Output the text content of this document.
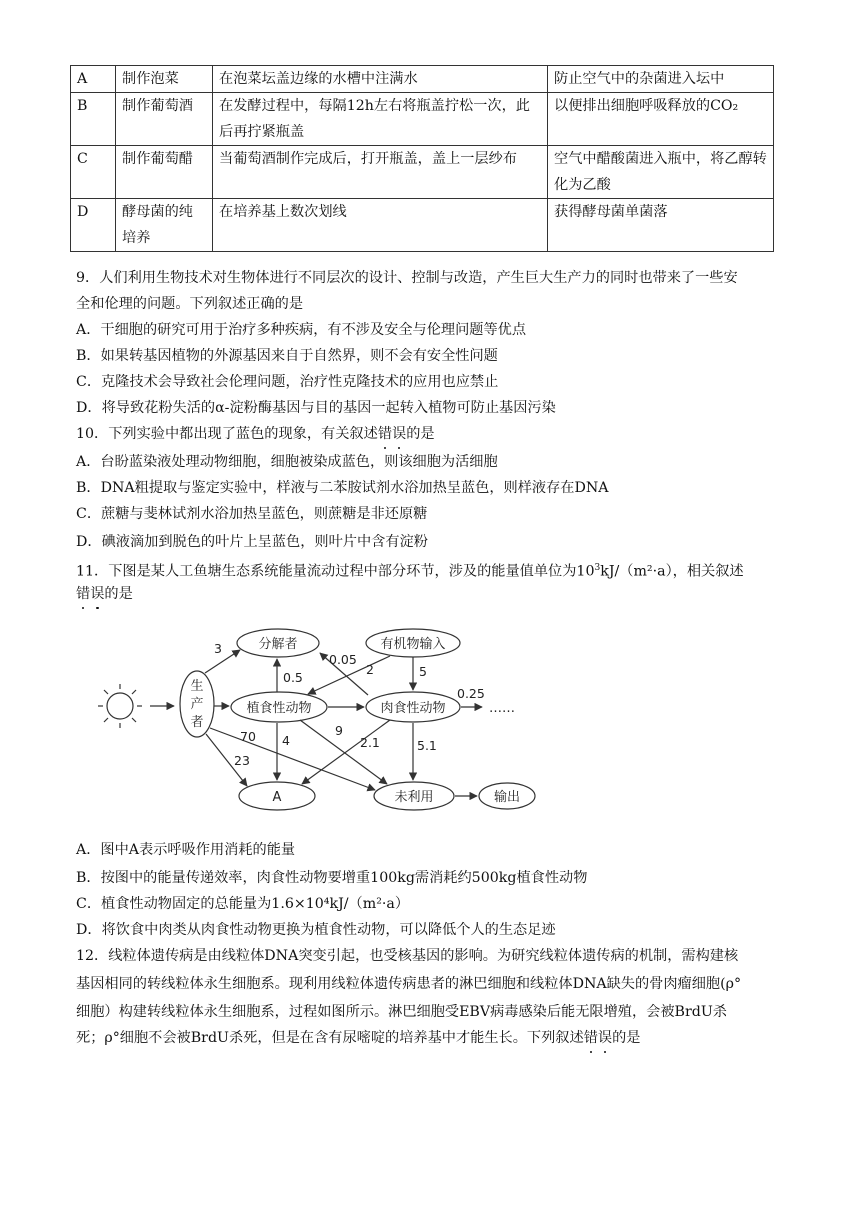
A	制作泡菜	在泡菜坛盖边缘的水槽中注满水	防止空气中的杂菌进入坛中
B	制作葡萄酒	在发酵过程中，每隔12h左右将瓶盖拧松一次，此后再拧紧瓶盖	以便排出细胞呼吸释放的CO₂
C	制作葡萄醋	当葡萄酒制作完成后，打开瓶盖，盖上一层纱布	空气中醋酸菌进入瓶中，将乙醇转化为乙酸
D	酵母菌的纯培养	在培养基上数次划线	获得酵母菌单菌落
9．人们利用生物技术对生物体进行不同层次的设计、控制与改造，产生巨大生产力的同时也带来了一些安
全和伦理的问题。下列叙述正确的是
A．干细胞的研究可用于治疗多种疾病，有不涉及安全与伦理问题等优点
B．如果转基因植物的外源基因来自于自然界，则不会有安全性问题
C．克隆技术会导致社会伦理问题，治疗性克隆技术的应用也应禁止
D．将导致花粉失活的α-淀粉酶基因与目的基因一起转入植物可防止基因污染
10．下列实验中都出现了蓝色的现象，有关叙述错误的是
A．台盼蓝染液处理动物细胞，细胞被染成蓝色，则该细胞为活细胞
B．DNA粗提取与鉴定实验中，样液与二苯胺试剂水浴加热呈蓝色，则样液存在DNA
C．蔗糖与斐林试剂水浴加热呈蓝色，则蔗糖是非还原糖
D．碘液滴加到脱色的叶片上呈蓝色，则叶片中含有淀粉
11．下图是某人工鱼塘生态系统能量流动过程中部分环节，涉及的能量值单位为$10^3kJ/(m^2\cdot a)$，相关叙述
错误的是
生
产
者
分解者	有机物输入
植食性动物	肉食性动物
A	未利用	输出
……
3
0.5
0.05
2	5
0.25
70
23
4
9
2.1	5.1
A．图中A表示呼吸作用消耗的能量
B．按图中的能量传递效率，肉食性动物要增重100kg需消耗约500kg植食性动物
C．植食性动物固定的总能量为1.6×10⁴kJ/（m²·a）
D．将饮食中肉类从肉食性动物更换为植食性动物，可以降低个人的生态足迹
12．线粒体遗传病是由线粒体DNA突变引起，也受核基因的影响。为研究线粒体遗传病的机制，需构建核
基因相同的转线粒体永生细胞系。现利用线粒体遗传病患者的淋巴细胞和线粒体DNA缺失的骨肉瘤细胞(ρ°
细胞）构建转线粒体永生细胞系，过程如图所示。淋巴细胞受EBV病毒感染后能无限增殖，会被BrdU杀
死；ρ°细胞不会被BrdU杀死，但是在含有尿嘧啶的培养基中才能生长。下列叙述错误的是
